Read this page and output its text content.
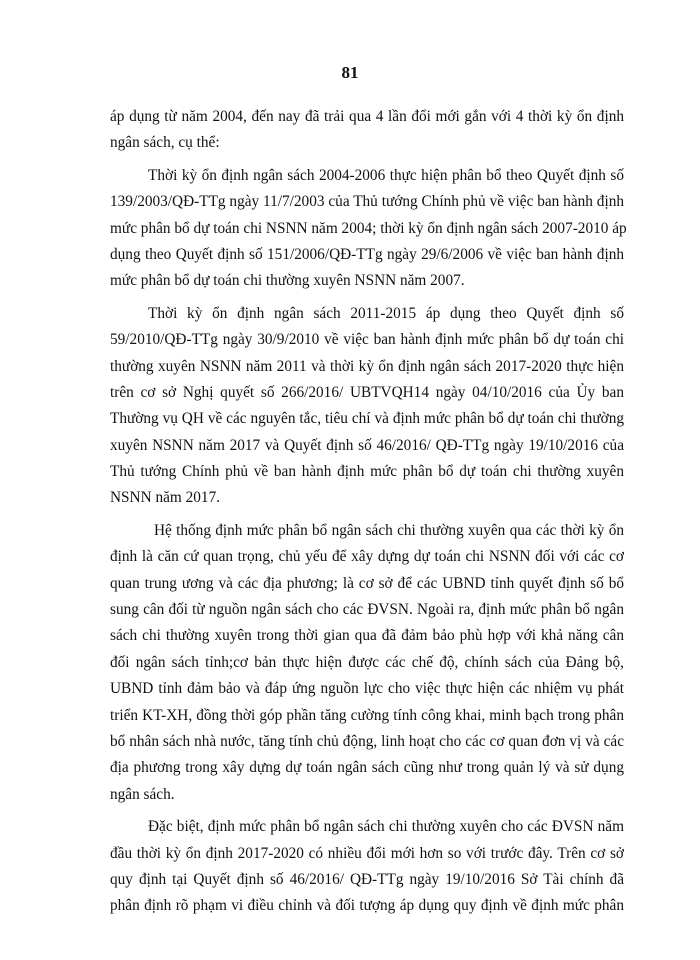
81
áp dụng từ năm 2004, đến nay đã trải qua 4 lần đổi mới gắn với 4 thời kỳ ổn định
ngân sách, cụ thể:
Thời kỳ ổn định ngân sách 2004-2006 thực hiện phân bổ theo Quyết định số
139/2003/QĐ-TTg ngày 11/7/2003 của Thủ tướng Chính phủ về việc ban hành định
mức phân bổ dự toán chi NSNN năm 2004; thời kỳ ổn định ngân sách 2007-2010 áp
dụng theo Quyết định số 151/2006/QĐ-TTg ngày 29/6/2006 về việc ban hành định
mức phân bổ dự toán chi thường xuyên NSNN năm 2007.
Thời kỳ ổn định ngân sách 2011-2015 áp dụng theo Quyết định số
59/2010/QĐ-TTg ngày 30/9/2010 về việc ban hành định mức phân bổ dự toán chi
thường xuyên NSNN năm 2011 và thời kỳ ổn định ngân sách 2017-2020 thực hiện
trên cơ sở Nghị quyết số 266/2016/ UBTVQH14 ngày 04/10/2016 của Ủy ban
Thường vụ QH về các nguyên tắc, tiêu chí và định mức phân bổ dự toán chi thường
xuyên NSNN năm 2017 và Quyết định số 46/2016/ QĐ-TTg ngày 19/10/2016 của
Thủ tướng Chính phủ về ban hành định mức phân bổ dự toán chi thường xuyên
NSNN năm 2017.
Hệ thống định mức phân bổ ngân sách chi thường xuyên qua các thời kỳ ổn
định là căn cứ quan trọng, chủ yếu để xây dựng dự toán chi NSNN đối với các cơ
quan trung ương và các địa phương; là cơ sở để các UBND tỉnh quyết định số bổ
sung cân đối từ nguồn ngân sách cho các ĐVSN. Ngoài ra, định mức phân bổ ngân
sách chi thường xuyên trong thời gian qua đã đảm bảo phù hợp với khả năng cân
đối ngân sách tỉnh;cơ bản thực hiện được các chế độ, chính sách của Đảng bộ,
UBND tỉnh đảm bảo và đáp ứng nguồn lực cho việc thực hiện các nhiệm vụ phát
triển KT-XH, đồng thời góp phần tăng cường tính công khai, minh bạch trong phân
bổ nhân sách nhà nước, tăng tính chủ động, linh hoạt cho các cơ quan đơn vị và các
địa phương trong xây dựng dự toán ngân sách cũng như trong quản lý và sử dụng
ngân sách.
Đặc biệt, định mức phân bổ ngân sách chi thường xuyên cho các ĐVSN năm
đầu thời kỳ ổn định 2017-2020 có nhiều đổi mới hơn so với trước đây. Trên cơ sở
quy định tại Quyết định số 46/2016/ QĐ-TTg ngày 19/10/2016 Sở Tài chính đã
phân định rõ phạm vi điều chỉnh và đối tượng áp dụng quy định về định mức phân
